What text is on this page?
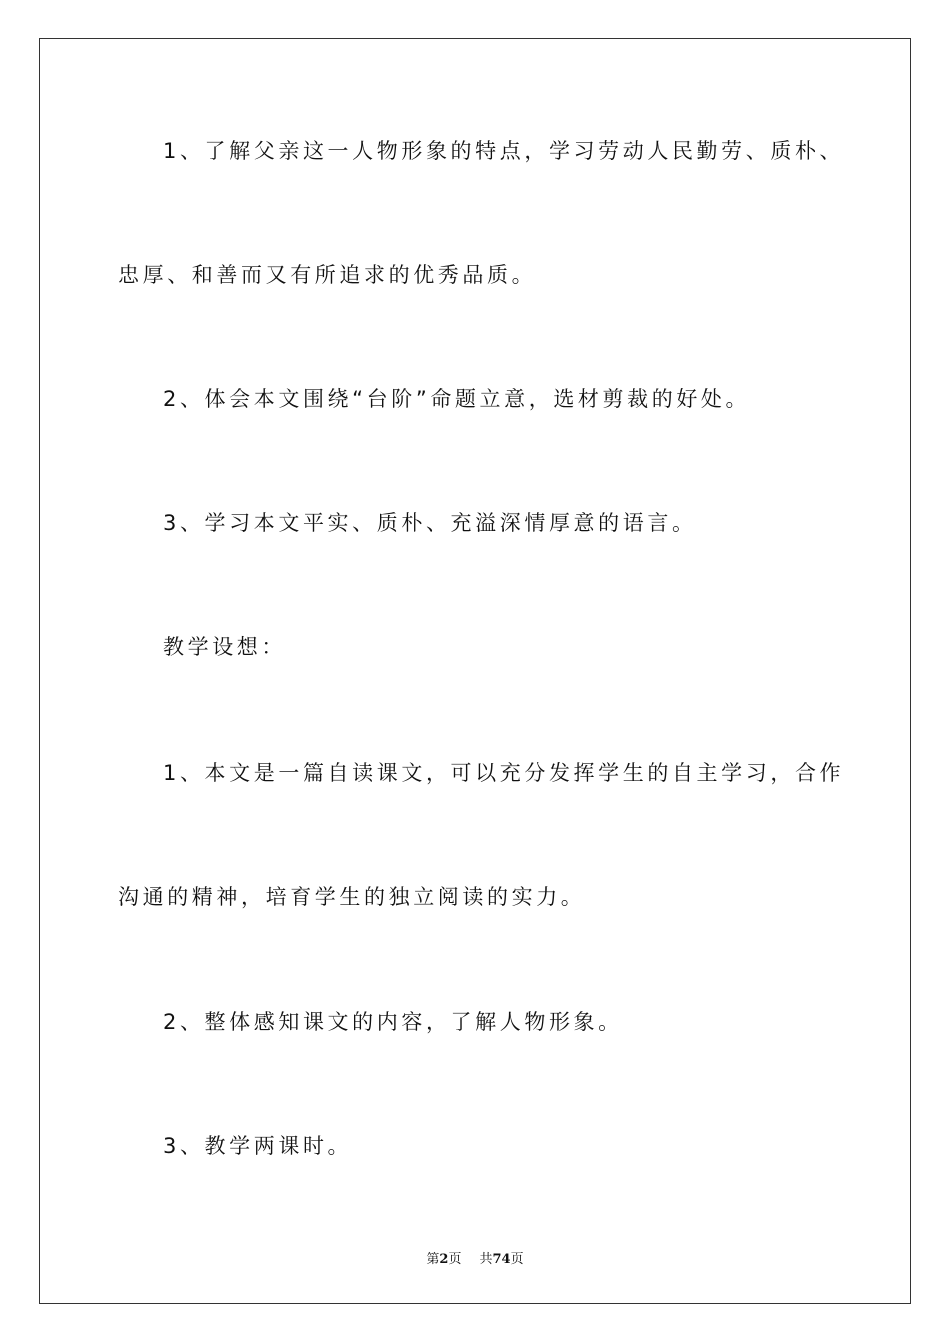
1、了解父亲这一人物形象的特点，学习劳动人民勤劳、质朴、
忠厚、和善而又有所追求的优秀品质。
2、体会本文围绕“台阶”命题立意，选材剪裁的好处。
3、学习本文平实、质朴、充溢深情厚意的语言。
教学设想：
1、本文是一篇自读课文，可以充分发挥学生的自主学习，合作
沟通的精神，培育学生的独立阅读的实力。
2、整体感知课文的内容，了解人物形象。
3、教学两课时。
第2页 共74页
